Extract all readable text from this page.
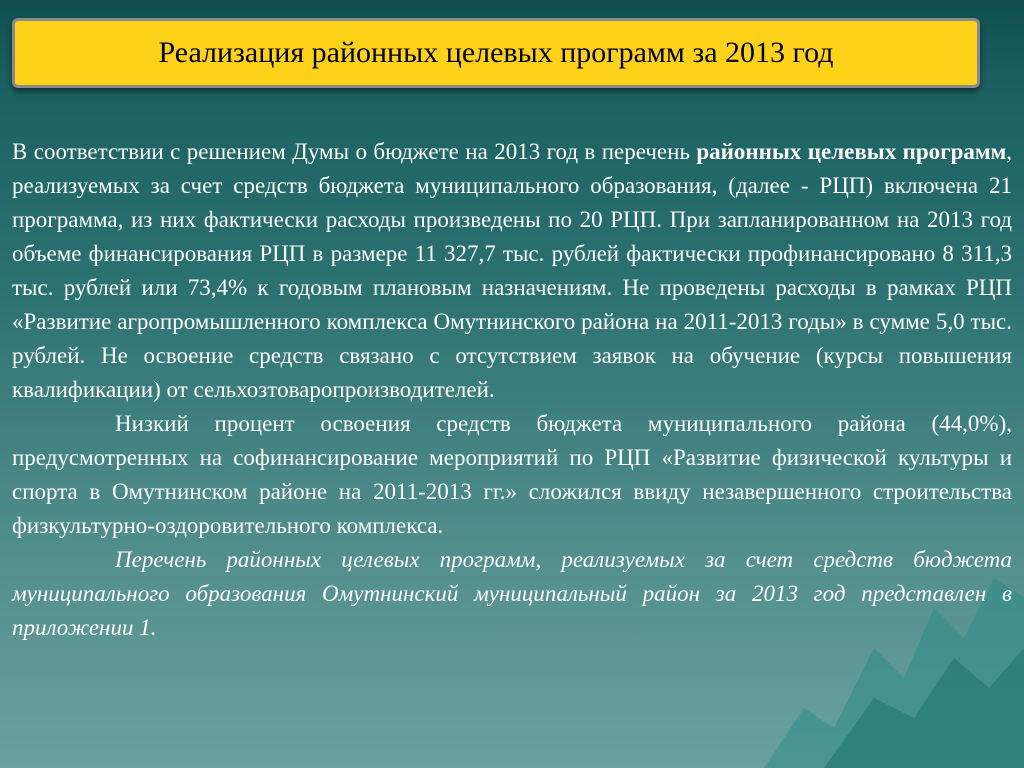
Реализация районных целевых программ за 2013 год

В соответствии с решением Думы о бюджете на 2013 год в перечень районных целевых программ, реализуемых за счет средств бюджета муниципального образования, (далее - РЦП) включена 21 программа, из них фактически расходы произведены по 20 РЦП. При запланированном на 2013 год объеме финансирования РЦП в размере 11 327,7 тыс. рублей фактически профинансировано 8 311,3 тыс. рублей или 73,4% к годовым плановым назначениям. Не проведены расходы в рамках РЦП «Развитие агропромышленного комплекса Омутнинского района на 2011-2013 годы» в сумме 5,0 тыс. рублей. Не освоение средств связано с отсутствием заявок на обучение (курсы повышения квалификации) от сельхозтоваропроизводителей.

Низкий процент освоения средств бюджета муниципального района (44,0%), предусмотренных на софинансирование мероприятий по РЦП «Развитие физической культуры и спорта в Омутнинском районе на 2011-2013 гг.» сложился ввиду незавершенного строительства физкультурно-оздоровительного комплекса.

Перечень районных целевых программ, реализуемых за счет средств бюджета муниципального образования Омутнинский муниципальный район за 2013 год представлен в приложении 1.
